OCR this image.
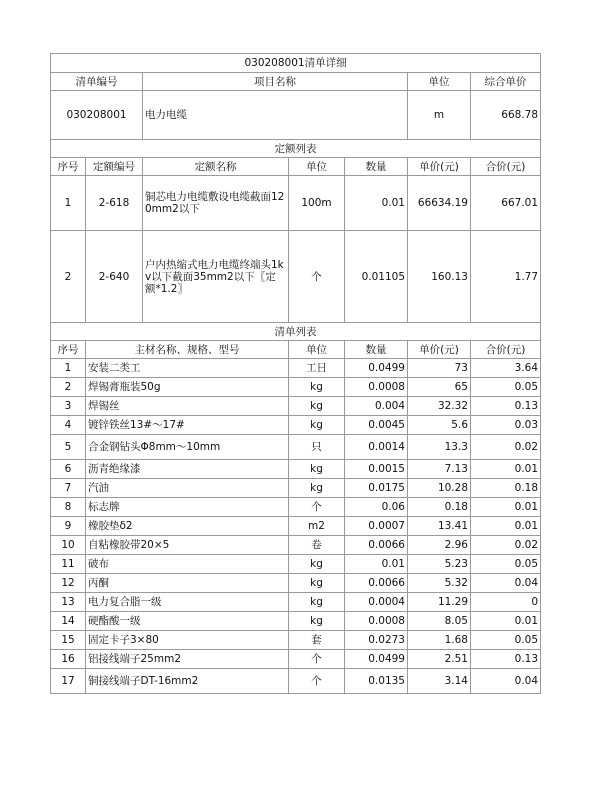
030208001清单详细						
清单编号		项目名称			单位	综合单价
030208001		电力电缆			m	668.78
定额列表						
序号	定额编号	定额名称	单位	数量	单价(元)	合价(元)
1	2-618	铜芯电力电缆敷设电缆截面120mm2以下	100m	0.01	66634.19	667.01
2	2-640	户内热缩式电力电缆终端头1kv以下截面35mm2以下〖定额*1.2〗	个	0.01105	160.13	1.77
清单列表						
序号	主材名称、规格、型号		单位	数量	单价(元)	合价(元)
1	安装二类工		工日	0.0499	73	3.64
2	焊锡膏瓶装50g		kg	0.0008	65	0.05
3	焊锡丝		kg	0.004	32.32	0.13
4	镀锌铁丝13#～17#		kg	0.0045	5.6	0.03
5	合金钢钻头Φ8mm～10mm		只	0.0014	13.3	0.02
6	沥青绝缘漆		kg	0.0015	7.13	0.01
7	汽油		kg	0.0175	10.28	0.18
8	标志牌		个	0.06	0.18	0.01
9	橡胶垫δ2		m2	0.0007	13.41	0.01
10	自粘橡胶带20×5		卷	0.0066	2.96	0.02
11	破布		kg	0.01	5.23	0.05
12	丙酮		kg	0.0066	5.32	0.04
13	电力复合脂一级		kg	0.0004	11.29	0
14	硬酯酸一级		kg	0.0008	8.05	0.01
15	固定卡子3×80		套	0.0273	1.68	0.05
16	铝接线端子25mm2		个	0.0499	2.51	0.13
17	铜接线端子DT-16mm2		个	0.0135	3.14	0.04
